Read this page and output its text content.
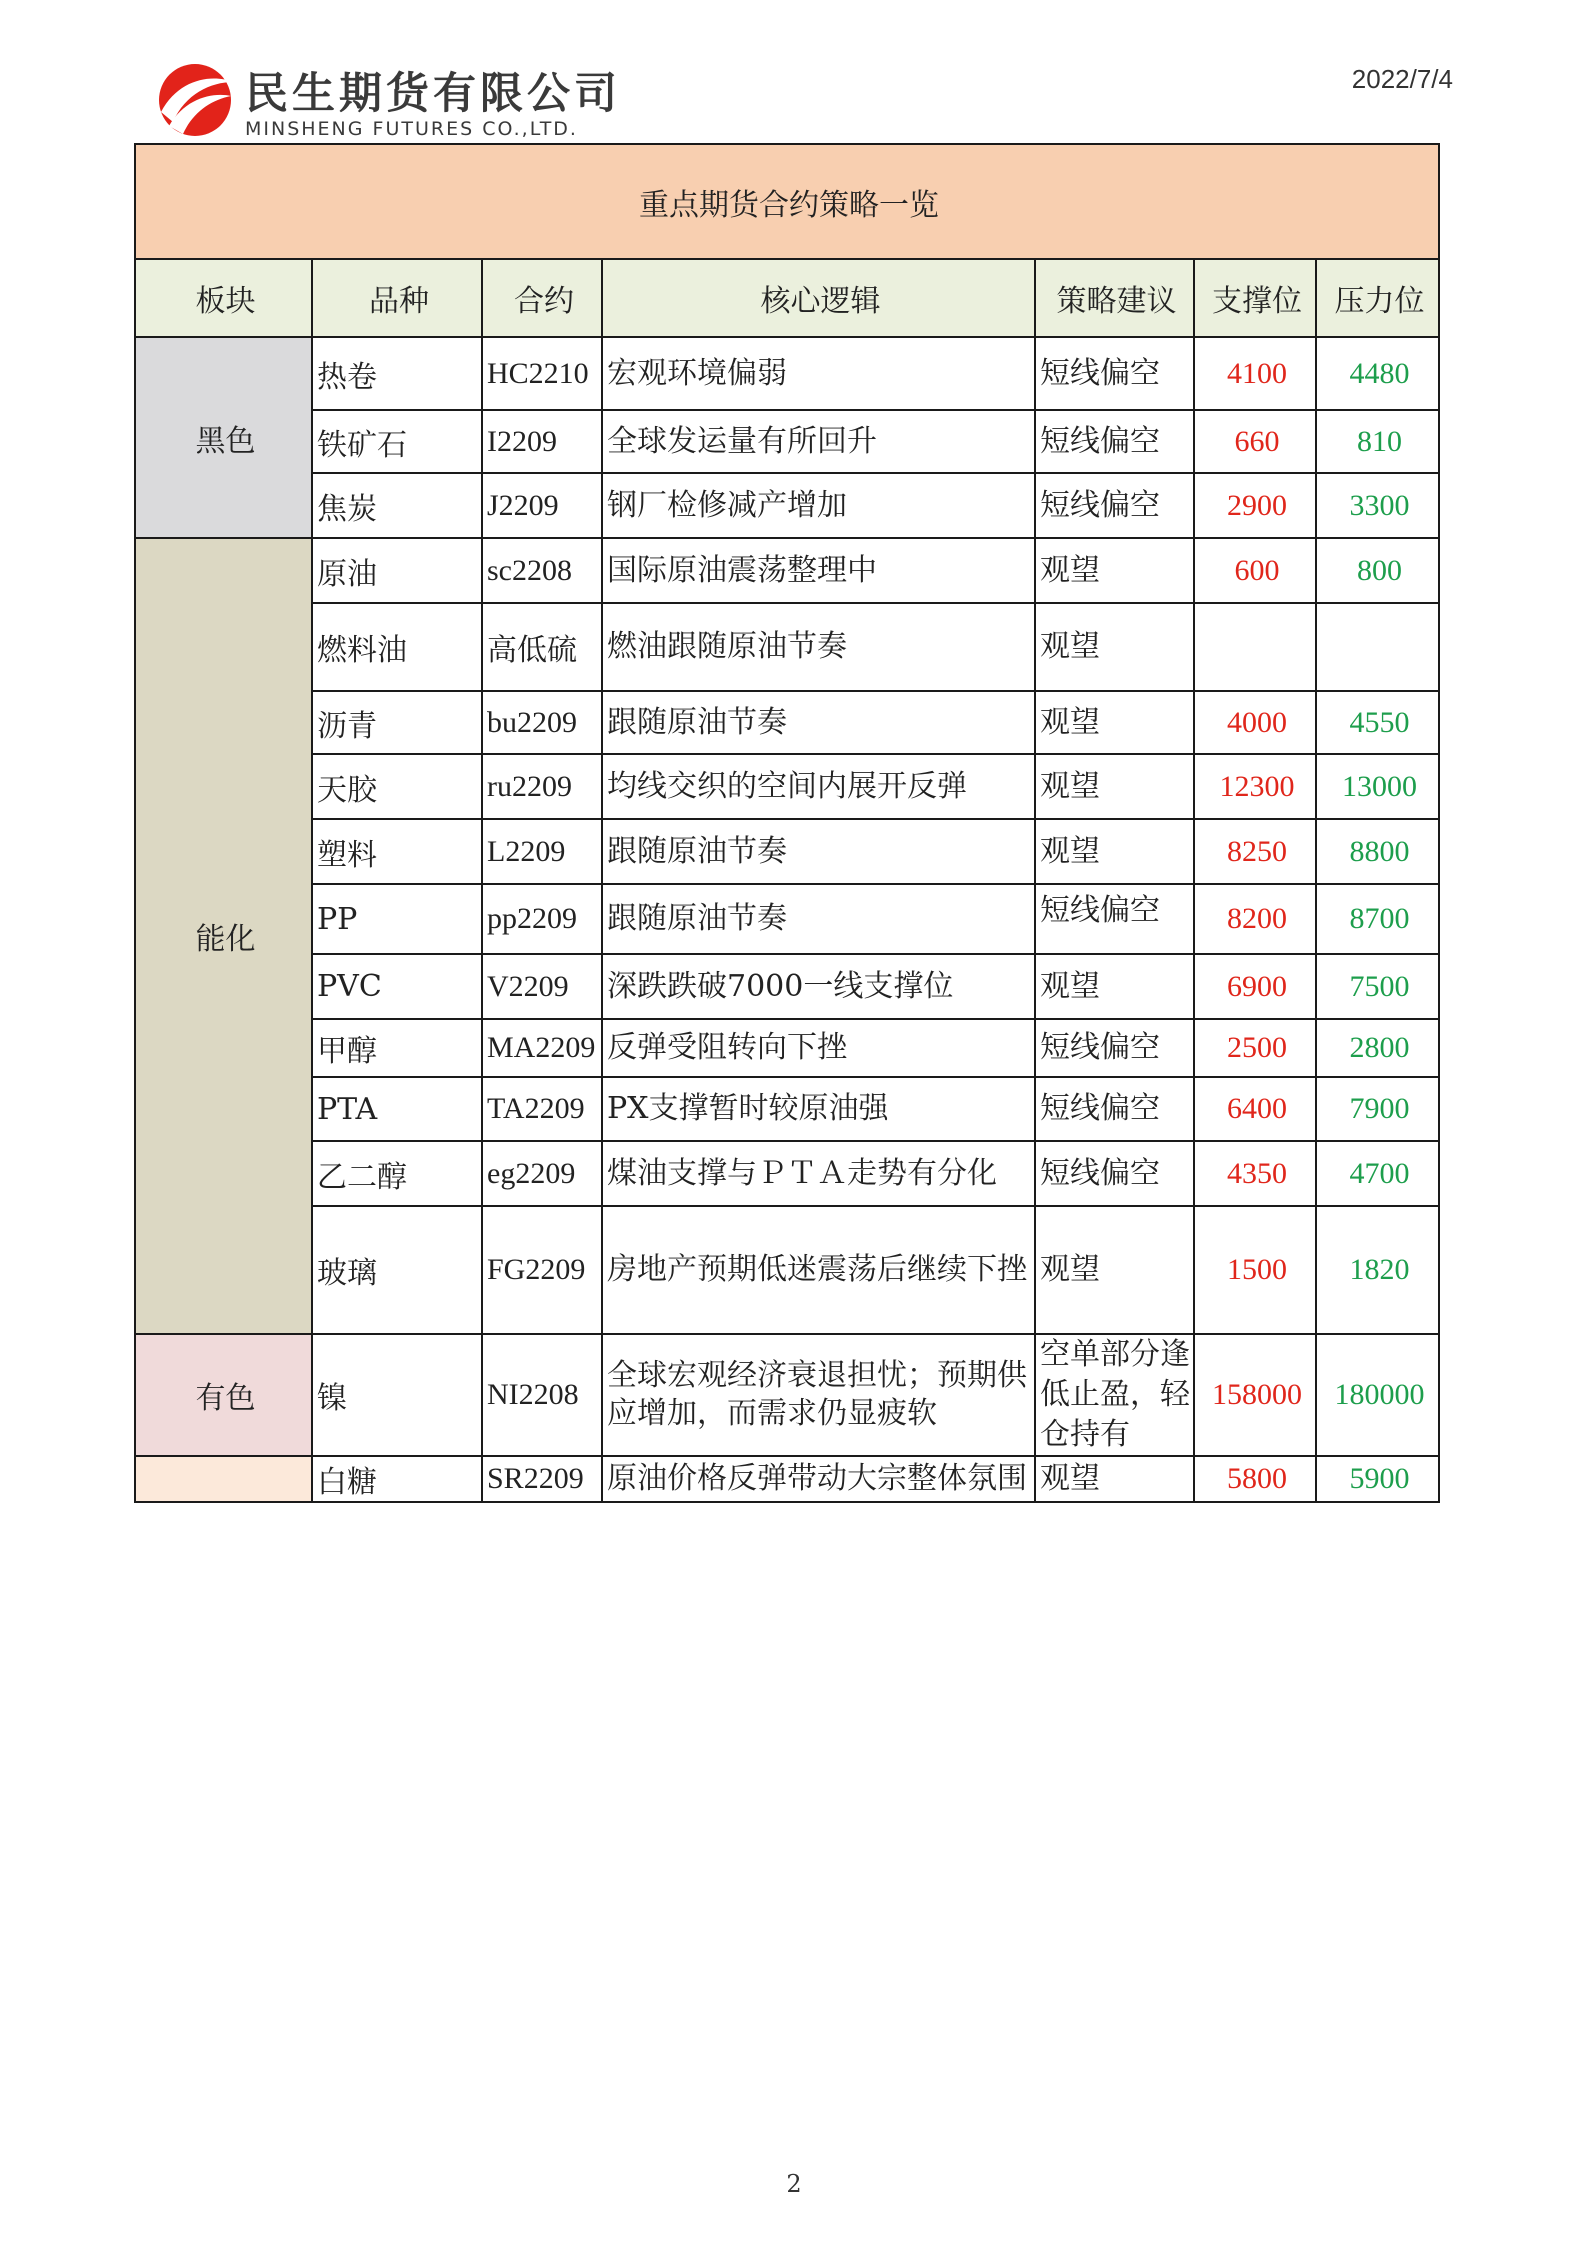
民生期货有限公司
MINSHENG FUTURES CO.,LTD.
2022/7/4
重点期货合约策略一览						
板块	品种	合约	核心逻辑	策略建议	支撑位	压力位
黑色	热卷	HC2210	宏观环境偏弱	短线偏空	4100	4480
	铁矿石	I2209	全球发运量有所回升	短线偏空	660	810
	焦炭	J2209	钢厂检修减产增加	短线偏空	2900	3300
能化	原油	sc2208	国际原油震荡整理中	观望	600	800
	燃料油	高低硫	燃油跟随原油节奏	观望		
	沥青	bu2209	跟随原油节奏	观望	4000	4550
	天胶	ru2209	均线交织的空间内展开反弹	观望	12300	13000
	塑料	L2209	跟随原油节奏	观望	8250	8800
	PP	pp2209	跟随原油节奏	短线偏空	8200	8700
	PVC	V2209	深跌跌破7000一线支撑位	观望	6900	7500
	甲醇	MA2209	反弹受阻转向下挫	短线偏空	2500	2800
	PTA	TA2209	PX支撑暂时较原油强	短线偏空	6400	7900
	乙二醇	eg2209	煤油支撑与ＰＴＡ走势有分化	短线偏空	4350	4700
	玻璃	FG2209	房地产预期低迷震荡后继续下挫	观望	1500	1820
有色	镍	NI2208	全球宏观经济衰退担忧；预期供应增加，而需求仍显疲软	空单部分逢低止盈，轻仓持有	158000	180000
	白糖	SR2209	原油价格反弹带动大宗整体氛围	观望	5800	5900
2
